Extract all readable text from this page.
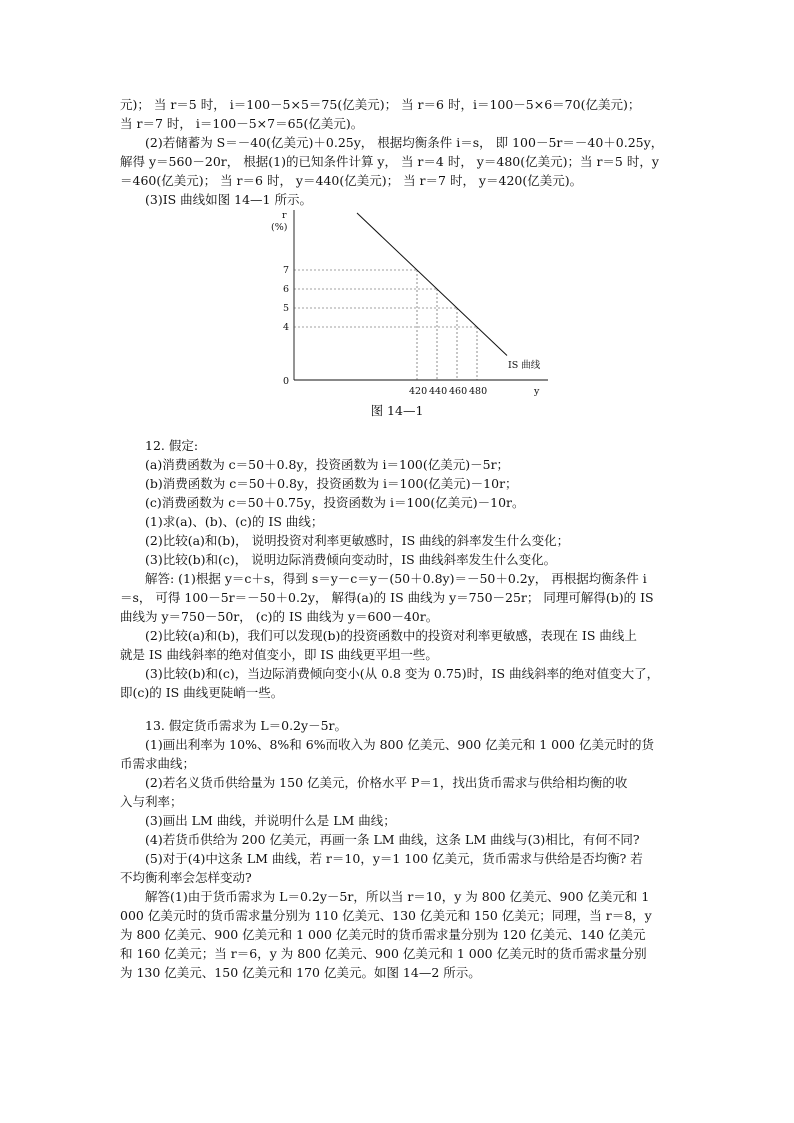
元)； 当 r＝5 时， i＝100－5×5＝75(亿美元)； 当 r＝6 时，i＝100－5×6＝70(亿美元)；
当 r＝7 时， i＝100－5×7＝65(亿美元)。
(2)若储蓄为 S＝－40(亿美元)＋0.25y， 根据均衡条件 i＝s， 即 100－5r＝－40＋0.25y，
解得 y＝560－20r， 根据(1)的已知条件计算 y， 当 r＝4 时， y＝480(亿美元)；当 r＝5 时，y
＝460(亿美元)； 当 r＝6 时， y＝440(亿美元)； 当 r＝7 时， y＝420(亿美元)。
(3)IS 曲线如图 14—1 所示。
r
(%)
y
0
7
6
5
4
420 440 460 480
IS 曲线
图 14—1
12. 假定:
(a)消费函数为 c＝50＋0.8y，投资函数为 i＝100(亿美元)－5r；
(b)消费函数为 c＝50＋0.8y，投资函数为 i＝100(亿美元)－10r；
(c)消费函数为 c＝50＋0.75y，投资函数为 i＝100(亿美元)－10r。
(1)求(a)、(b)、(c)的 IS 曲线；
(2)比较(a)和(b)， 说明投资对利率更敏感时，IS 曲线的斜率发生什么变化；
(3)比较(b)和(c)， 说明边际消费倾向变动时，IS 曲线斜率发生什么变化。
解答: (1)根据 y＝c＋s，得到 s＝y－c＝y－(50＋0.8y)＝－50＋0.2y， 再根据均衡条件 i
＝s， 可得 100－5r＝－50＋0.2y， 解得(a)的 IS 曲线为 y＝750－25r； 同理可解得(b)的 IS
曲线为 y＝750－50r， (c)的 IS 曲线为 y＝600－40r。
(2)比较(a)和(b)，我们可以发现(b)的投资函数中的投资对利率更敏感，表现在 IS 曲线上
就是 IS 曲线斜率的绝对值变小，即 IS 曲线更平坦一些。
(3)比较(b)和(c)，当边际消费倾向变小(从 0.8 变为 0.75)时，IS 曲线斜率的绝对值变大了，
即(c)的 IS 曲线更陡峭一些。
13. 假定货币需求为 L＝0.2y－5r。
(1)画出利率为 10%、8%和 6%而收入为 800 亿美元、900 亿美元和 1 000 亿美元时的货
币需求曲线；
(2)若名义货币供给量为 150 亿美元，价格水平 P＝1，找出货币需求与供给相均衡的收
入与利率；
(3)画出 LM 曲线，并说明什么是 LM 曲线；
(4)若货币供给为 200 亿美元，再画一条 LM 曲线，这条 LM 曲线与(3)相比，有何不同?
(5)对于(4)中这条 LM 曲线，若 r＝10，y＝1 100 亿美元，货币需求与供给是否均衡? 若
不均衡利率会怎样变动?
解答(1)由于货币需求为 L＝0.2y－5r，所以当 r＝10，y 为 800 亿美元、900 亿美元和 1
000 亿美元时的货币需求量分别为 110 亿美元、130 亿美元和 150 亿美元；同理，当 r＝8，y
为 800 亿美元、900 亿美元和 1 000 亿美元时的货币需求量分别为 120 亿美元、140 亿美元
和 160 亿美元；当 r＝6，y 为 800 亿美元、900 亿美元和 1 000 亿美元时的货币需求量分别
为 130 亿美元、150 亿美元和 170 亿美元。如图 14—2 所示。
